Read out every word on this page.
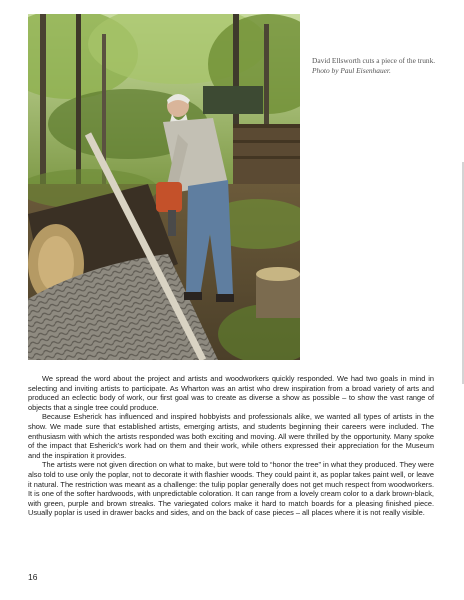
David Ellsworth cuts a piece of the trunk.
Photo by Paul Eisenhauer.

We spread the word about the project and artists and woodworkers quickly responded. We had two goals in mind in selecting and inviting artists to participate. As Wharton was an artist who drew inspiration from a broad variety of arts and produced an eclectic body of work, our first goal was to create as diverse a show as possible – to show the vast range of objects that a single tree could produce.

Because Esherick has influenced and inspired hobbyists and professionals alike, we wanted all types of artists in the show. We made sure that established artists, emerging artists, and students beginning their careers were included. The enthusiasm with which the artists responded was both exciting and moving. All were thrilled by the opportunity. Many spoke of the impact that Esherick’s work had on them and their work, while others expressed their appreciation for the Museum and the inspiration it provides.

The artists were not given direction on what to make, but were told to “honor the tree” in what they produced. They were also told to use only the poplar, not to decorate it with flashier woods. They could paint it, as poplar takes paint well, or leave it natural. The restriction was meant as a challenge: the tulip poplar generally does not get much respect from woodworkers. It is one of the softer hardwoods, with unpredictable coloration. It can range from a lovely cream color to a dark brown-black, with green, purple and brown streaks. The variegated colors make it hard to match boards for a pleasing finished piece. Usually poplar is used in drawer backs and sides, and on the back of case pieces – all places where it is not really visible.

16
